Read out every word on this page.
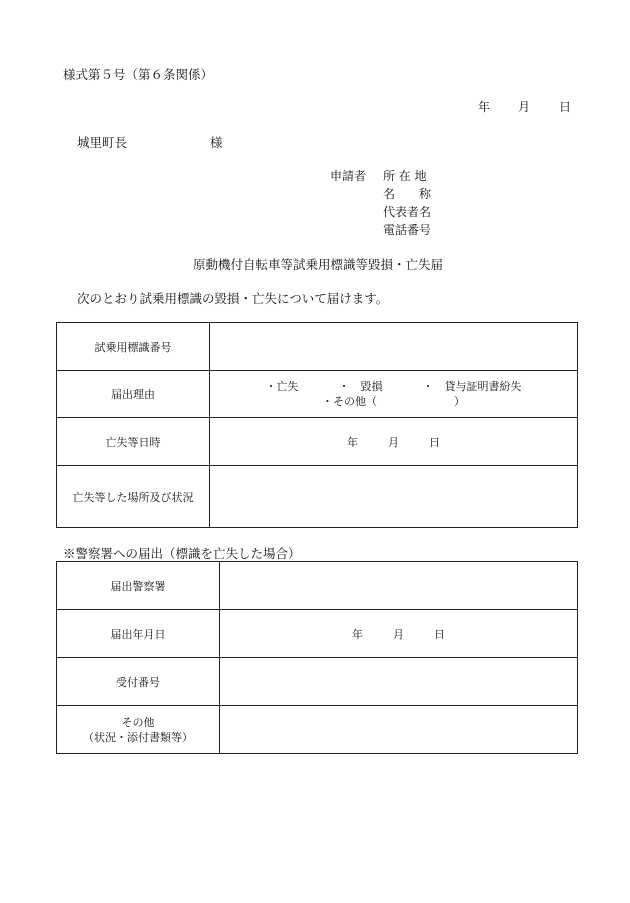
様式第５号（第６条関係）
年 月 日
城里町長	様
申請者 所 在 地
名　　称
代表者名
電話番号
原動機付自転車等試乗用標識等毀損・亡失届
次のとおり試乗用標識の毀損・亡失について届けます。
試乗用標識番号	
届出理由	・亡失 ・　毀損 ・　貸与証明書紛失
・その他（　　　　　　　）

亡失等日時	年 月 日
亡失等した場所及び状況	
※警察署への届出（標識を亡失した場合）
届出警察署	
届出年月日	年 月 日
受付番号	

その他
（状況・添付書類等）	
